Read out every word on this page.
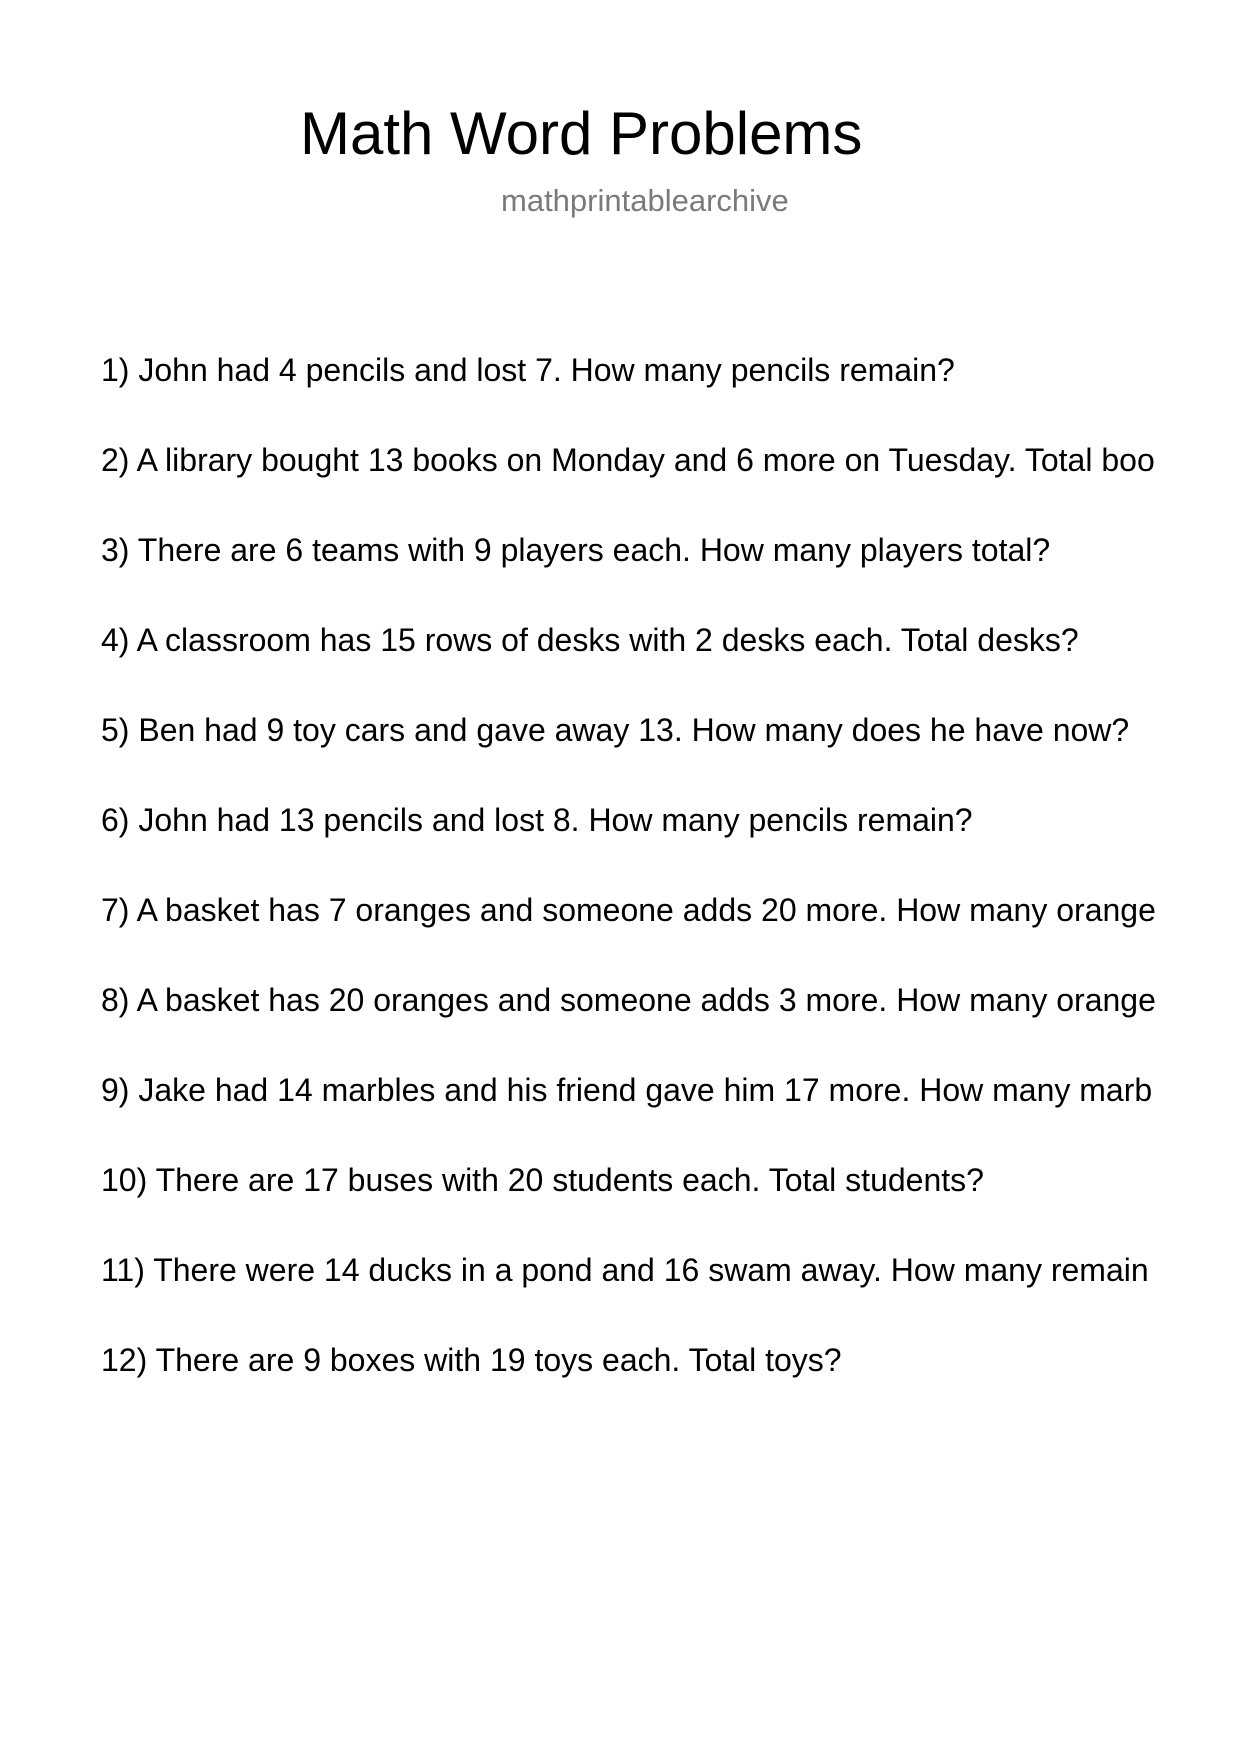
Math Word Problems
mathprintablearchive
1) John had 4 pencils and lost 7. How many pencils remain?
2) A library bought 13 books on Monday and 6 more on Tuesday. Total boo
3) There are 6 teams with 9 players each. How many players total?
4) A classroom has 15 rows of desks with 2 desks each. Total desks?
5) Ben had 9 toy cars and gave away 13. How many does he have now?
6) John had 13 pencils and lost 8. How many pencils remain?
7) A basket has 7 oranges and someone adds 20 more. How many orange
8) A basket has 20 oranges and someone adds 3 more. How many orange
9) Jake had 14 marbles and his friend gave him 17 more. How many marb
10) There are 17 buses with 20 students each. Total students?
11) There were 14 ducks in a pond and 16 swam away. How many remain
12) There are 9 boxes with 19 toys each. Total toys?
